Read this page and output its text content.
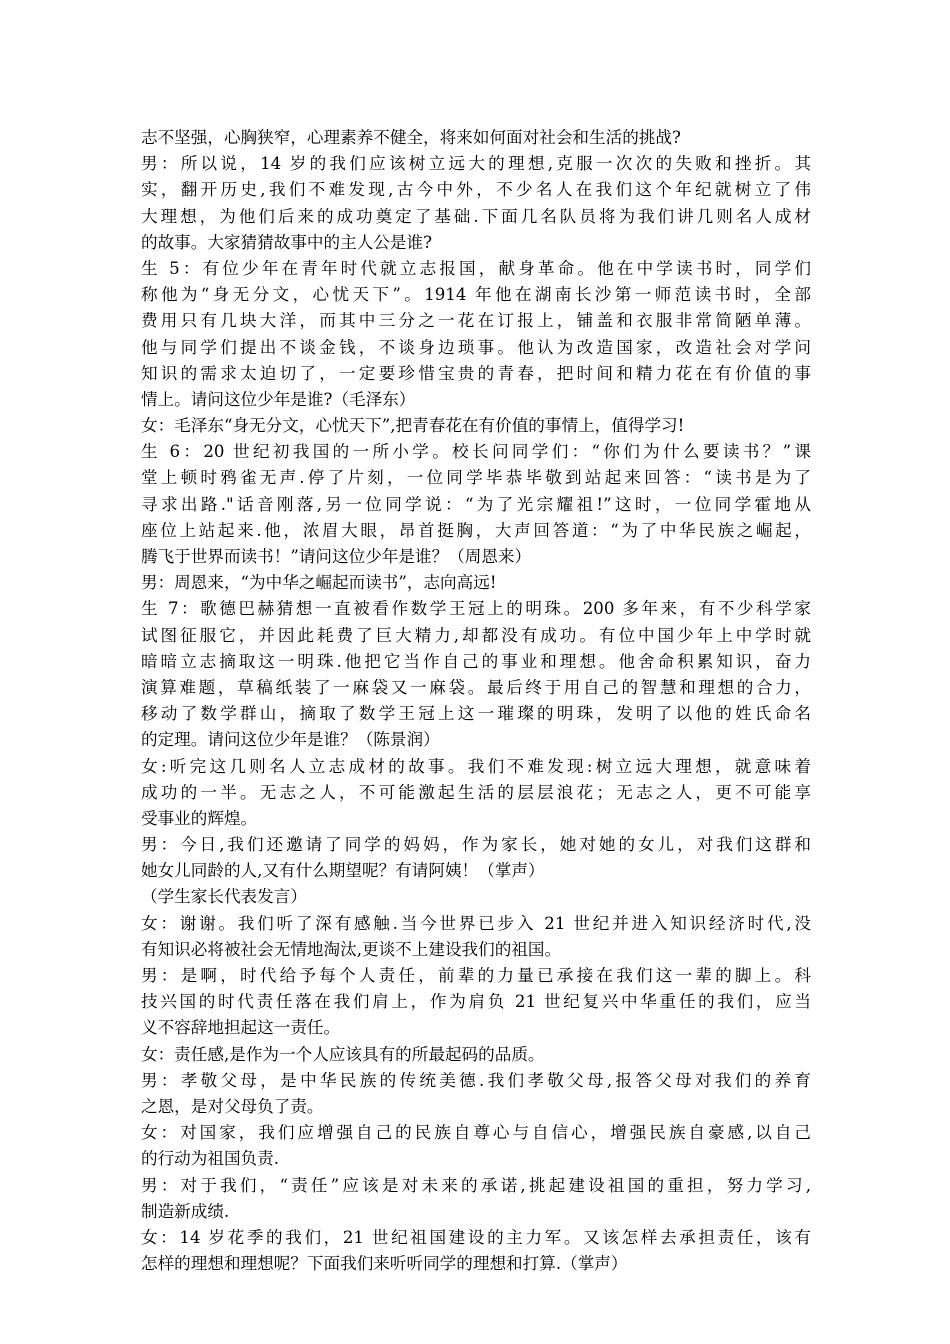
志不坚强，心胸狭窄，心理素养不健全，将来如何面对社会和生活的挑战?
男：所以说，14 岁的我们应该树立远大的理想,克服一次次的失败和挫折。其
实，翻开历史,我们不难发现,古今中外，不少名人在我们这个年纪就树立了伟
大理想，为他们后来的成功奠定了基础.下面几名队员将为我们讲几则名人成材
的故事。大家猜猜故事中的主人公是谁?
生 5：有位少年在青年时代就立志报国，献身革命。他在中学读书时，同学们
称他为“身无分文，心忧天下”。1914 年他在湖南长沙第一师范读书时，全部
费用只有几块大洋，而其中三分之一花在订报上，铺盖和衣服非常简陋单薄。
他与同学们提出不谈金钱，不谈身边琐事。他认为改造国家，改造社会对学问
知识的需求太迫切了，一定要珍惜宝贵的青春，把时间和精力花在有价值的事
情上。请问这位少年是谁?（毛泽东）
女：毛泽东“身无分文，心忧天下”,把青春花在有价值的事情上，值得学习!
生 6：20 世纪初我国的一所小学。校长问同学们：“你们为什么要读书？”课
堂上顿时鸦雀无声.停了片刻，一位同学毕恭毕敬到站起来回答：“读书是为了
寻求出路."话音刚落,另一位同学说：“为了光宗耀祖!”这时，一位同学霍地从
座位上站起来.他，浓眉大眼，昂首挺胸，大声回答道：“为了中华民族之崛起，
腾飞于世界而读书！”请问这位少年是谁？（周恩来）
男：周恩来，“为中华之崛起而读书”，志向高远!
生 7：歌德巴赫猜想一直被看作数学王冠上的明珠。200 多年来，有不少科学家
试图征服它，并因此耗费了巨大精力,却都没有成功。有位中国少年上中学时就
暗暗立志摘取这一明珠.他把它当作自己的事业和理想。他舍命积累知识，奋力
演算难题，草稿纸装了一麻袋又一麻袋。最后终于用自己的智慧和理想的合力，
移动了数学群山，摘取了数学王冠上这一璀璨的明珠，发明了以他的姓氏命名
的定理。请问这位少年是谁？（陈景润）
女:听完这几则名人立志成材的故事。我们不难发现:树立远大理想，就意味着
成功的一半。无志之人，不可能激起生活的层层浪花；无志之人，更不可能享
受事业的辉煌。
男：今日,我们还邀请了同学的妈妈，作为家长，她对她的女儿，对我们这群和
她女儿同龄的人,又有什么期望呢？有请阿姨！（掌声）
（学生家长代表发言）
女：谢谢。我们听了深有感触.当今世界已步入 21 世纪并进入知识经济时代,没
有知识必将被社会无情地淘汰,更谈不上建设我们的祖国。
男：是啊，时代给予每个人责任，前辈的力量已承接在我们这一辈的脚上。科
技兴国的时代责任落在我们肩上，作为肩负 21 世纪复兴中华重任的我们，应当
义不容辞地担起这一责任。
女：责任感,是作为一个人应该具有的所最起码的品质。
男：孝敬父母，是中华民族的传统美德.我们孝敬父母,报答父母对我们的养育
之恩，是对父母负了责。
女：对国家，我们应增强自己的民族自尊心与自信心，增强民族自豪感,以自己
的行动为祖国负责.
男：对于我们，“责任”应该是对未来的承诺,挑起建设祖国的重担，努力学习,
制造新成绩.
女：14 岁花季的我们，21 世纪祖国建设的主力军。又该怎样去承担责任，该有
怎样的理想和理想呢？下面我们来听听同学的理想和打算.（掌声）
